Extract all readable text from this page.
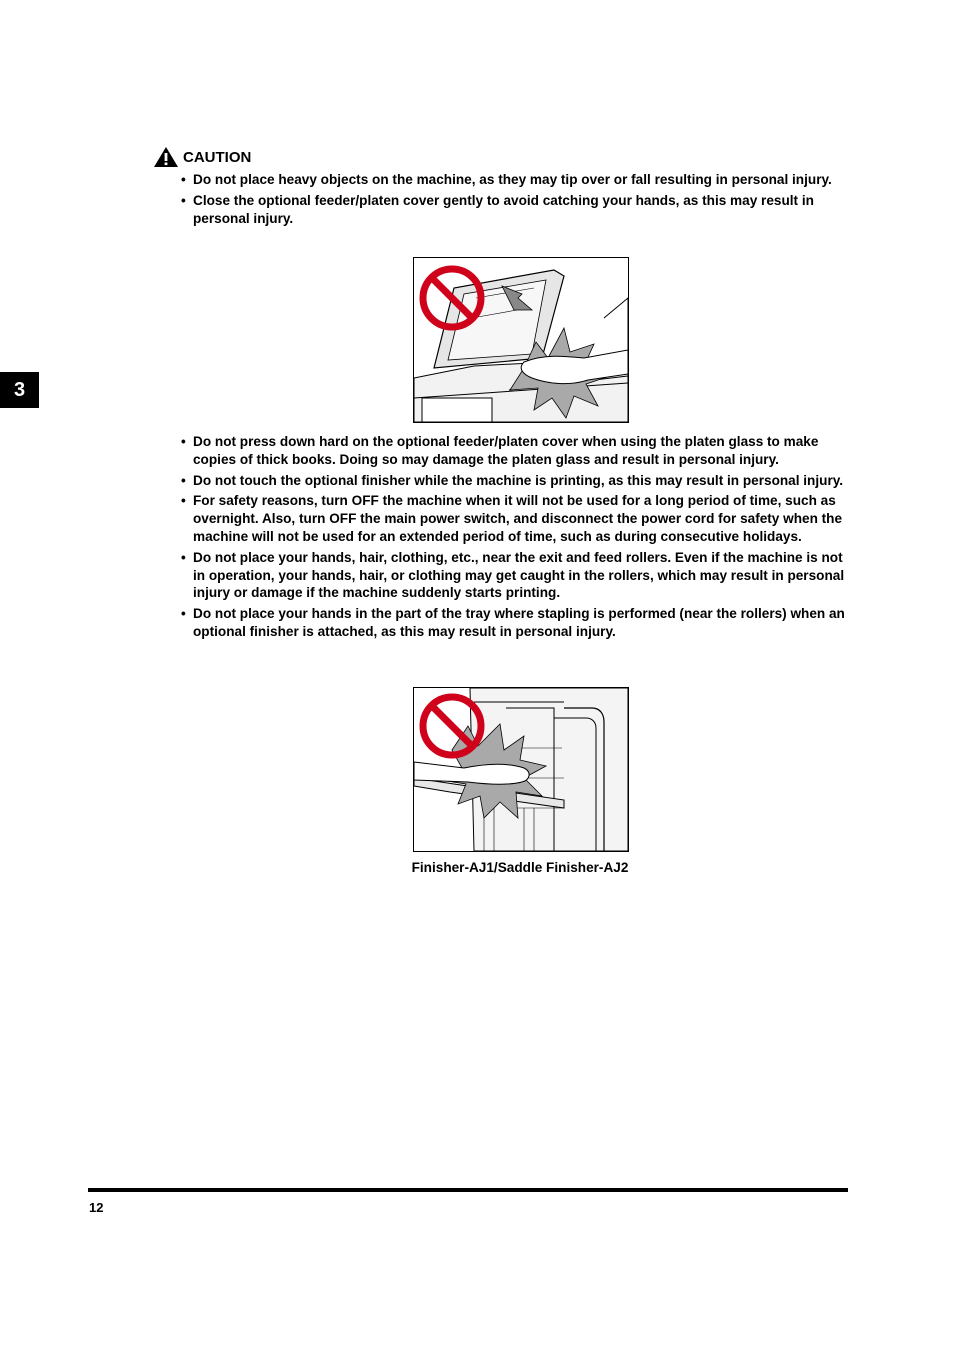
3
CAUTION
• Do not place heavy objects on the machine, as they may tip over or fall resulting in personal injury.
• Close the optional feeder/platen cover gently to avoid catching your hands, as this may result in personal injury.
• Do not press down hard on the optional feeder/platen cover when using the platen glass to make copies of thick books. Doing so may damage the platen glass and result in personal injury.
• Do not touch the optional finisher while the machine is printing, as this may result in personal injury.
• For safety reasons, turn OFF the machine when it will not be used for a long period of time, such as overnight. Also, turn OFF the main power switch, and disconnect the power cord for safety when the machine will not be used for an extended period of time, such as during consecutive holidays.
• Do not place your hands, hair, clothing, etc., near the exit and feed rollers. Even if the machine is not in operation, your hands, hair, or clothing may get caught in the rollers, which may result in personal injury or damage if the machine suddenly starts printing.
• Do not place your hands in the part of the tray where stapling is performed (near the rollers) when an optional finisher is attached, as this may result in personal injury.
Finisher-AJ1/Saddle Finisher-AJ2
12
